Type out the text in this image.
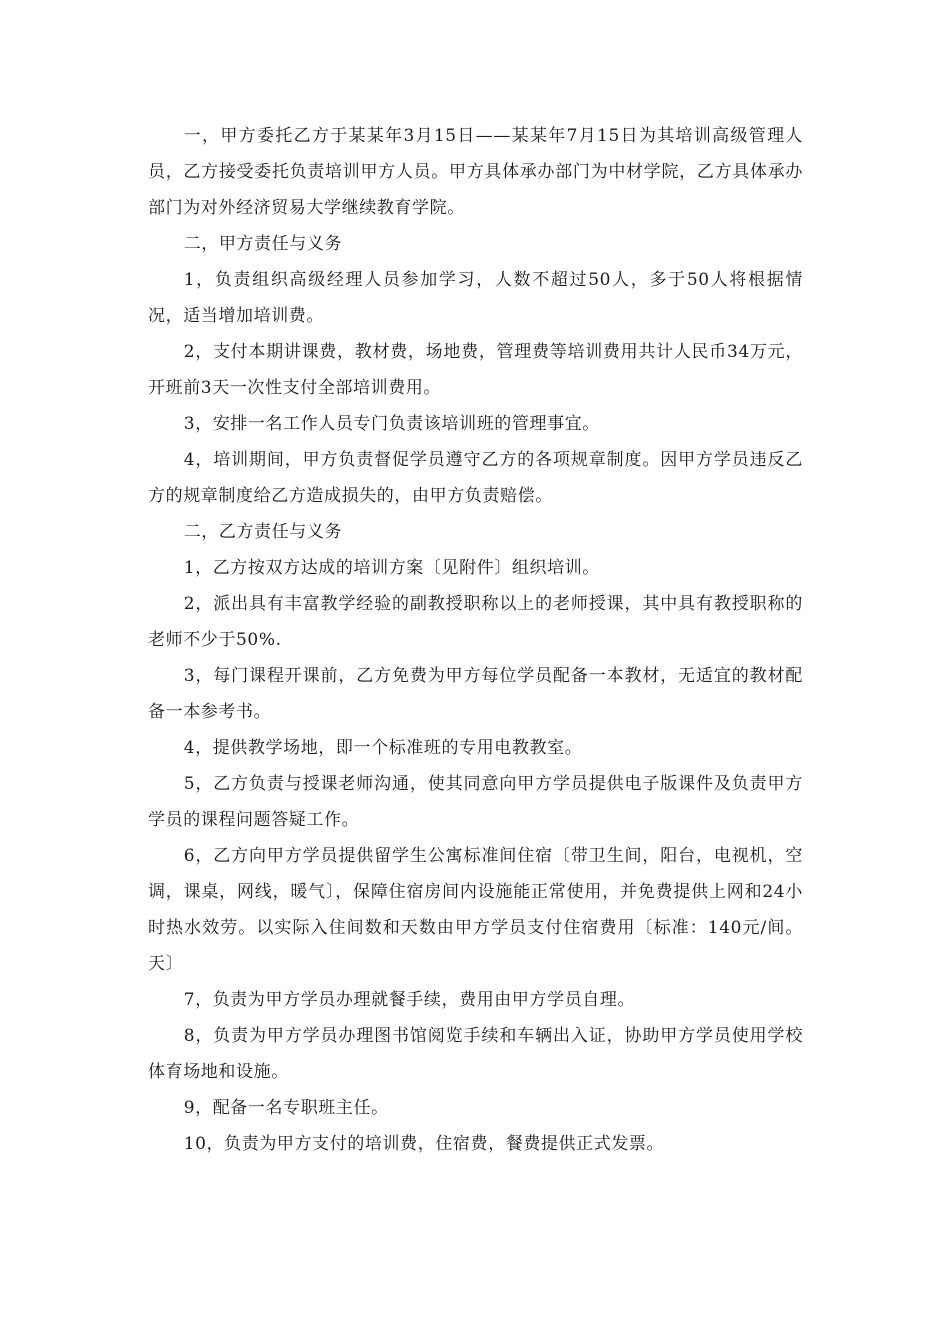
一，甲方委托乙方于某某年3月15日——某某年7月15日为其培训高级管理人员，乙方接受委托负责培训甲方人员。甲方具体承办部门为中材学院，乙方具体承办部门为对外经济贸易大学继续教育学院。

二，甲方责任与义务

1，负责组织高级经理人员参加学习，人数不超过50人，多于50人将根据情况，适当增加培训费。

2，支付本期讲课费，教材费，场地费，管理费等培训费用共计人民币34万元，开班前3天一次性支付全部培训费用。

3，安排一名工作人员专门负责该培训班的管理事宜。

4，培训期间，甲方负责督促学员遵守乙方的各项规章制度。因甲方学员违反乙方的规章制度给乙方造成损失的，由甲方负责赔偿。

二，乙方责任与义务

1，乙方按双方达成的培训方案〔见附件〕组织培训。

2，派出具有丰富教学经验的副教授职称以上的老师授课，其中具有教授职称的老师不少于50%.

3，每门课程开课前，乙方免费为甲方每位学员配备一本教材，无适宜的教材配备一本参考书。

4，提供教学场地，即一个标准班的专用电教教室。

5，乙方负责与授课老师沟通，使其同意向甲方学员提供电子版课件及负责甲方学员的课程问题答疑工作。

6，乙方向甲方学员提供留学生公寓标准间住宿〔带卫生间，阳台，电视机，空调，课桌，网线，暖气〕，保障住宿房间内设施能正常使用，并免费提供上网和24小时热水效劳。以实际入住间数和天数由甲方学员支付住宿费用〔标准：140元/间。天〕

7，负责为甲方学员办理就餐手续，费用由甲方学员自理。

8，负责为甲方学员办理图书馆阅览手续和车辆出入证，协助甲方学员使用学校体育场地和设施。

9，配备一名专职班主任。

10，负责为甲方支付的培训费，住宿费，餐费提供正式发票。
